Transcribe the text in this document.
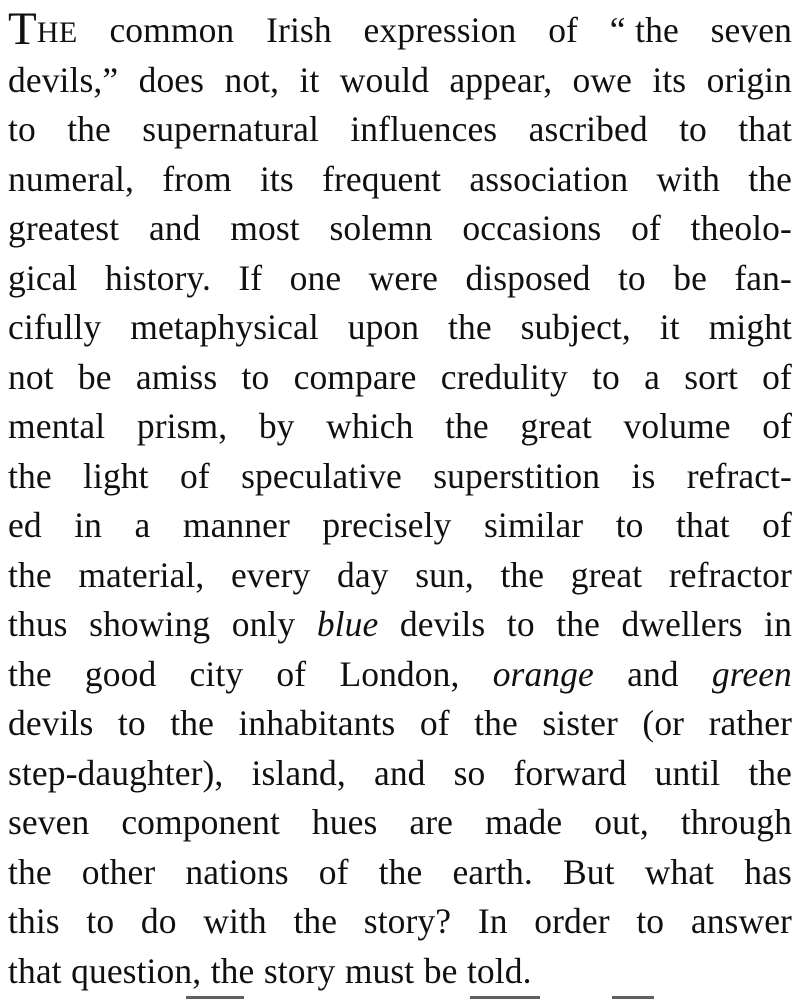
THE common Irish expression of “ the seven
devils,” does not, it would appear, owe its origin
to the supernatural influences ascribed to that
numeral, from its frequent association with the
greatest and most solemn occasions of theolo-
gical history. If one were disposed to be fan-
cifully metaphysical upon the subject, it might
not be amiss to compare credulity to a sort of
mental prism, by which the great volume of
the light of speculative superstition is refract-
ed in a manner precisely similar to that of
the material, every day sun, the great refractor
thus showing only blue devils to the dwellers in
the good city of London, orange and green
devils to the inhabitants of the sister (or rather
step-daughter), island, and so forward until the
seven component hues are made out, through
the other nations of the earth. But what has
this to do with the story? In order to answer
that
question,
the
story
must
be
told.
